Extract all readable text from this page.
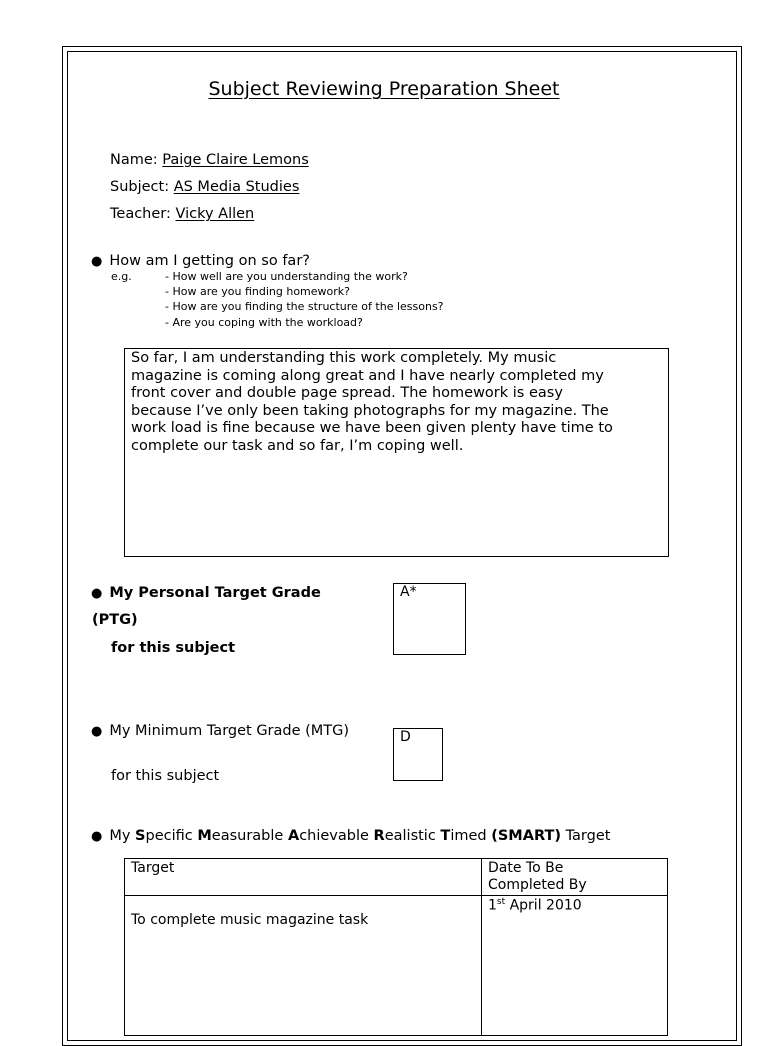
Subject Reviewing Preparation Sheet
Name: Paige Claire Lemons
Subject: AS Media Studies
Teacher: Vicky Allen
● How am I getting on so far?
e.g.	- How well are you understanding the work?
- How are you finding homework?
- How are you finding the structure of the lessons?
- Are you coping with the workload?
So far, I am understanding this work completely. My music
magazine is coming along great and I have nearly completed my
front cover and double page spread. The homework is easy
because I’ve only been taking photographs for my magazine. The
work load is fine because we have been given plenty have time to
complete our task and so far, I’m coping well.
● My Personal Target Grade
(PTG)
for this subject
A*
● My Minimum Target Grade (MTG)
for this subject
D
● My Specific Measurable Achievable Realistic Timed (SMART) Target
Target	Date To Be
Completed By

To complete music magazine task	1st April 2010
